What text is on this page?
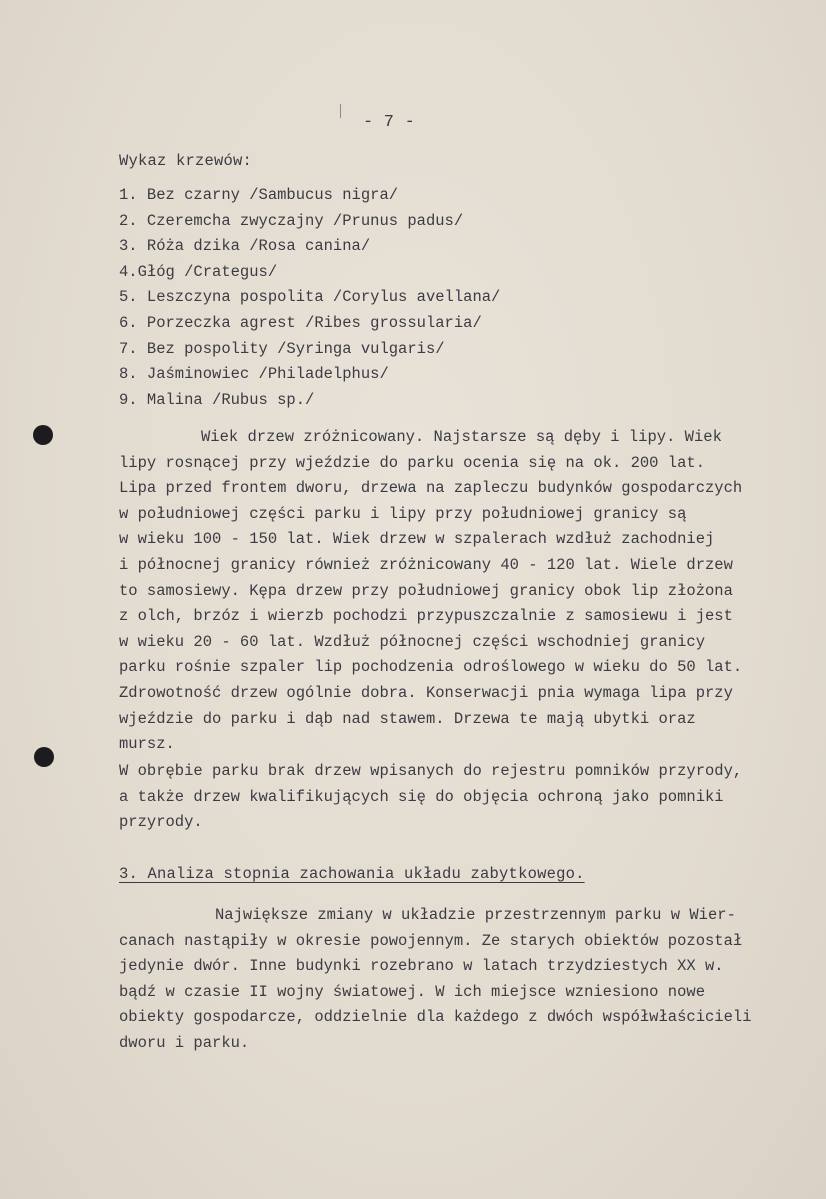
- 7 -
Wykaz krzewów:
1. Bez czarny /Sambucus nigra/
2. Czeremcha zwyczajny /Prunus padus/
3. Róża dzika /Rosa canina/
4.Głóg /Crategus/
5. Leszczyna pospolita /Corylus avellana/
6. Porzeczka agrest /Ribes grossularia/
7. Bez pospolity /Syringa vulgaris/
8. Jaśminowiec /Philadelphus/
9. Malina /Rubus sp./

Wiek drzew zróżnicowany. Najstarsze są dęby i lipy. Wiek
lipy rosnącej przy wjeździe do parku ocenia się na ok. 200 lat.
Lipa przed frontem dworu, drzewa na zapleczu budynków gospodarczych
w południowej części parku i lipy przy południowej granicy są
w wieku 100 - 150 lat. Wiek drzew w szpalerach wzdłuż zachodniej
i północnej granicy również zróżnicowany 40 - 120 lat. Wiele drzew
to samosiewy. Kępa drzew przy południowej granicy obok lip złożona
z olch, brzóz i wierzb pochodzi przypuszczalnie z samosiewu i jest
w wieku 20 - 60 lat. Wzdłuż północnej części wschodniej granicy
parku rośnie szpaler lip pochodzenia odroślowego w wieku do 50 lat.
Zdrowotność drzew ogólnie dobra. Konserwacji pnia wymaga lipa przy
wjeździe do parku i dąb nad stawem. Drzewa te mają ubytki oraz
mursz.

W obrębie parku brak drzew wpisanych do rejestru pomników przyrody,
a także drzew kwalifikujących się do objęcia ochroną jako pomniki
przyrody.

3. Analiza stopnia zachowania układu zabytkowego.

Największe zmiany w układzie przestrzennym parku w Wier-
canach nastąpiły w okresie powojennym. Ze starych obiektów pozostał
jedynie dwór. Inne budynki rozebrano w latach trzydziestych XX w.
bądź w czasie II wojny światowej. W ich miejsce wzniesiono nowe
obiekty gospodarcze, oddzielnie dla każdego z dwóch współwłaścicieli
dworu i parku.
